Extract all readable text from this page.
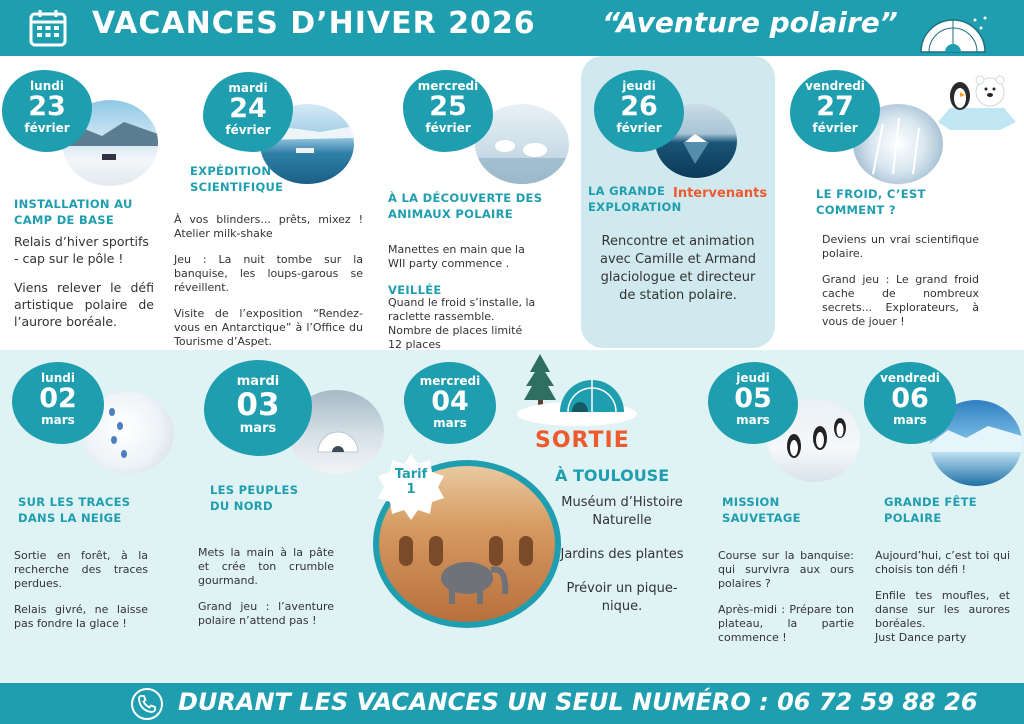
VACANCES D’HIVER 2026 “Aventure polaire”
lundi
23
février
INSTALLATION AU
CAMP DE BASE
Relais d’hiver sportifs - cap sur le pôle !
Viens relever le défi artistique polaire de l’aurore boréale.
mardi
24
février
EXPÉDITION
SCIENTIFIQUE
À vos blinders... prêts, mixez ! Atelier milk-shake
Jeu : La nuit tombe sur la banquise, les loups-garous se réveillent.
Visite de l’exposition “Rendez-vous en Antarctique” à l’Office du Tourisme d’Aspet.
mercredi
25
février
À LA DÉCOUVERTE DES
ANIMAUX POLAIRE
Manettes en main que la WII party commence .
VEILLÉE
Quand le froid s’installe, la raclette rassemble. Nombre de places limité 12 places
jeudi
26
février
LA GRANDE
EXPLORATION
Intervenants
Rencontre et animation avec Camille et Armand glaciologue et directeur de station polaire.
vendredi
27
février
LE FROID, C’EST
COMMENT ?
Deviens un vrai scientifique polaire.
Grand jeu : Le grand froid cache de nombreux secrets... Explorateurs, à vous de jouer !
lundi
02
mars
SUR LES TRACES
DANS LA NEIGE
Sortie en forêt, à la recherche des traces perdues.
Relais givré, ne laisse pas fondre la glace !
mardi
03
mars
LES PEUPLES
DU NORD
Mets la main à la pâte et crée ton crumble gourmand.
Grand jeu : l’aventure polaire n’attend pas !
mercredi
04
mars
SORTIE
À TOULOUSE
Tarif
1
Muséum d’Histoire Naturelle
Jardins des plantes
Prévoir un pique-nique.
jeudi
05
mars
MISSION
SAUVETAGE
Course sur la banquise: qui survivra aux ours polaires ?
Après-midi : Prépare ton plateau, la partie commence !
vendredi
06
mars
GRANDE FÊTE
POLAIRE
Aujourd’hui, c’est toi qui choisis ton défi !
Enfile tes moufles, et danse sur les aurores boréales.
Just Dance party
DURANT LES VACANCES UN SEUL NUMÉRO : 06 72 59 88 26
